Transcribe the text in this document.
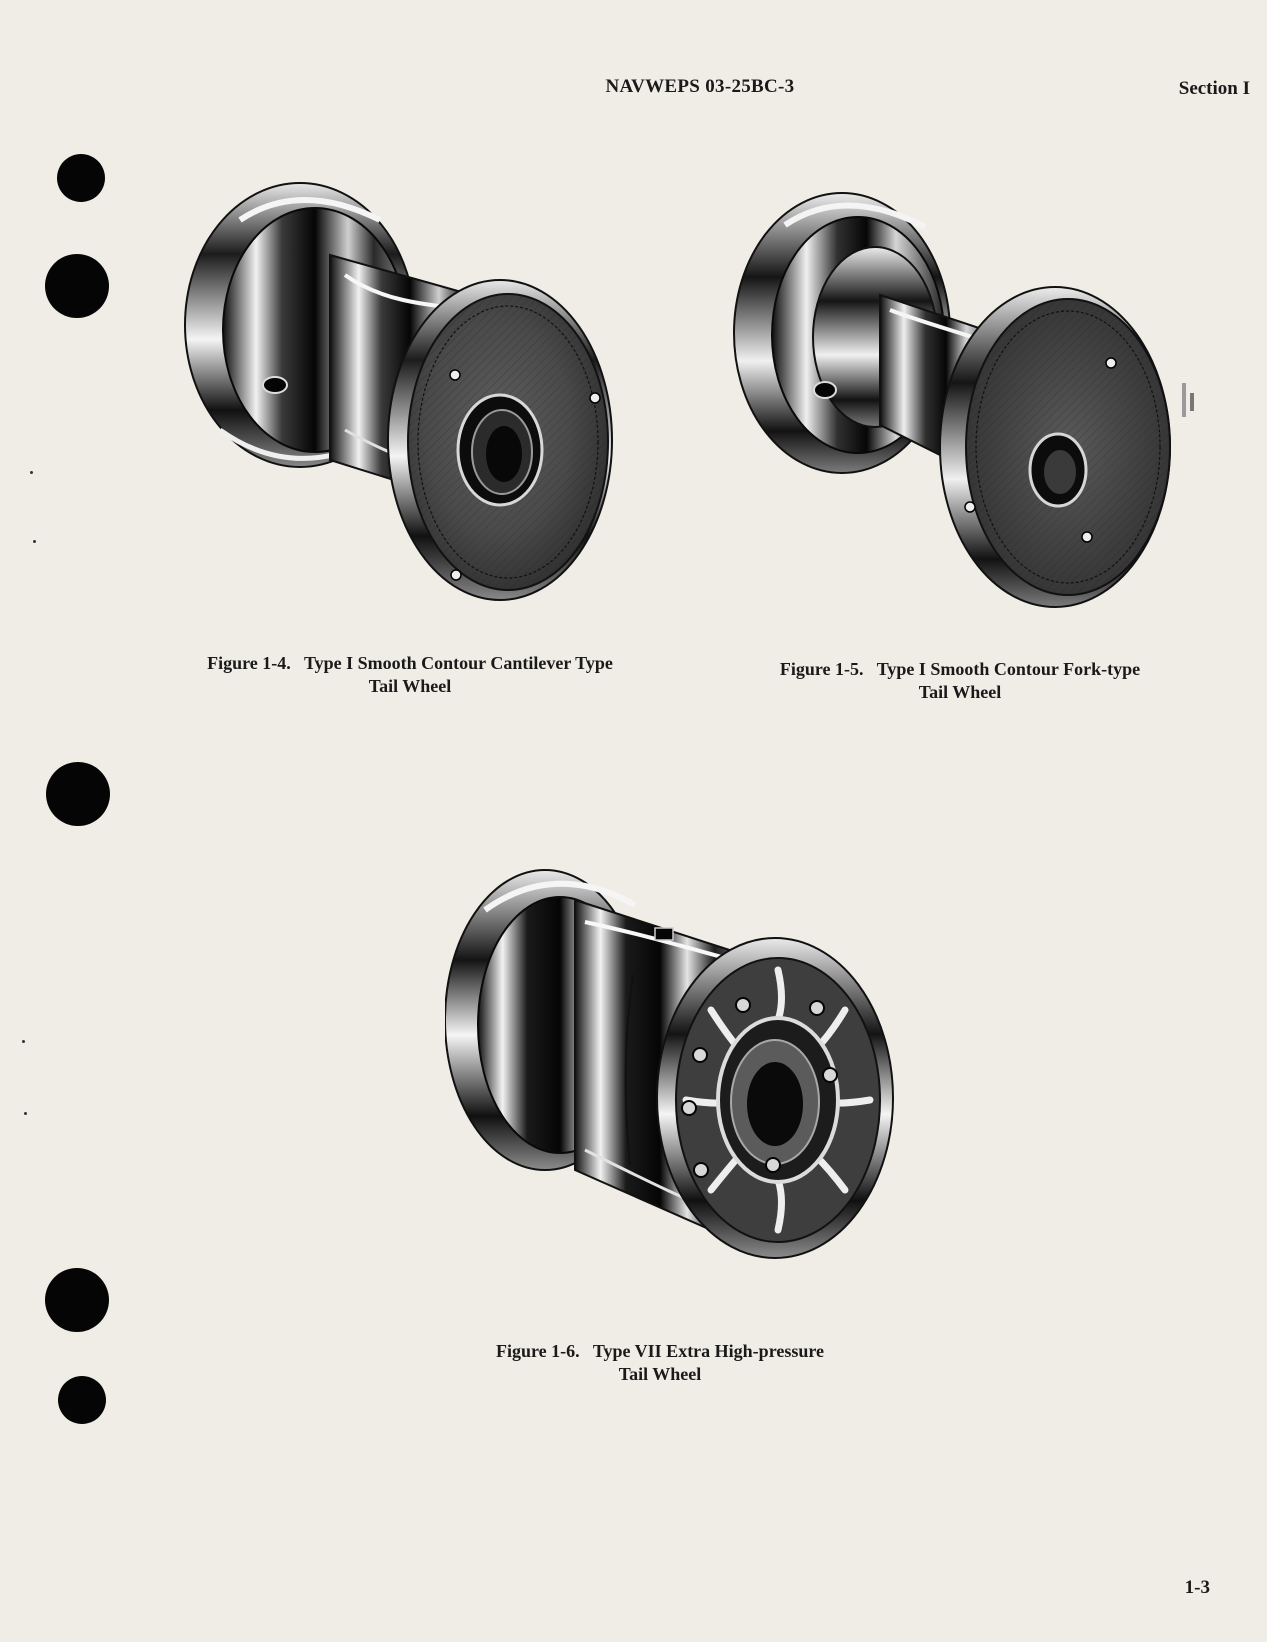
NAVWEPS 03-25BC-3	Section I
Figure 1-4. Type I Smooth Contour Cantilever Type
Tail Wheel
Figure 1-5. Type I Smooth Contour Fork-type
Tail Wheel
Figure 1-6. Type VII Extra High-pressure
Tail Wheel
1-3
